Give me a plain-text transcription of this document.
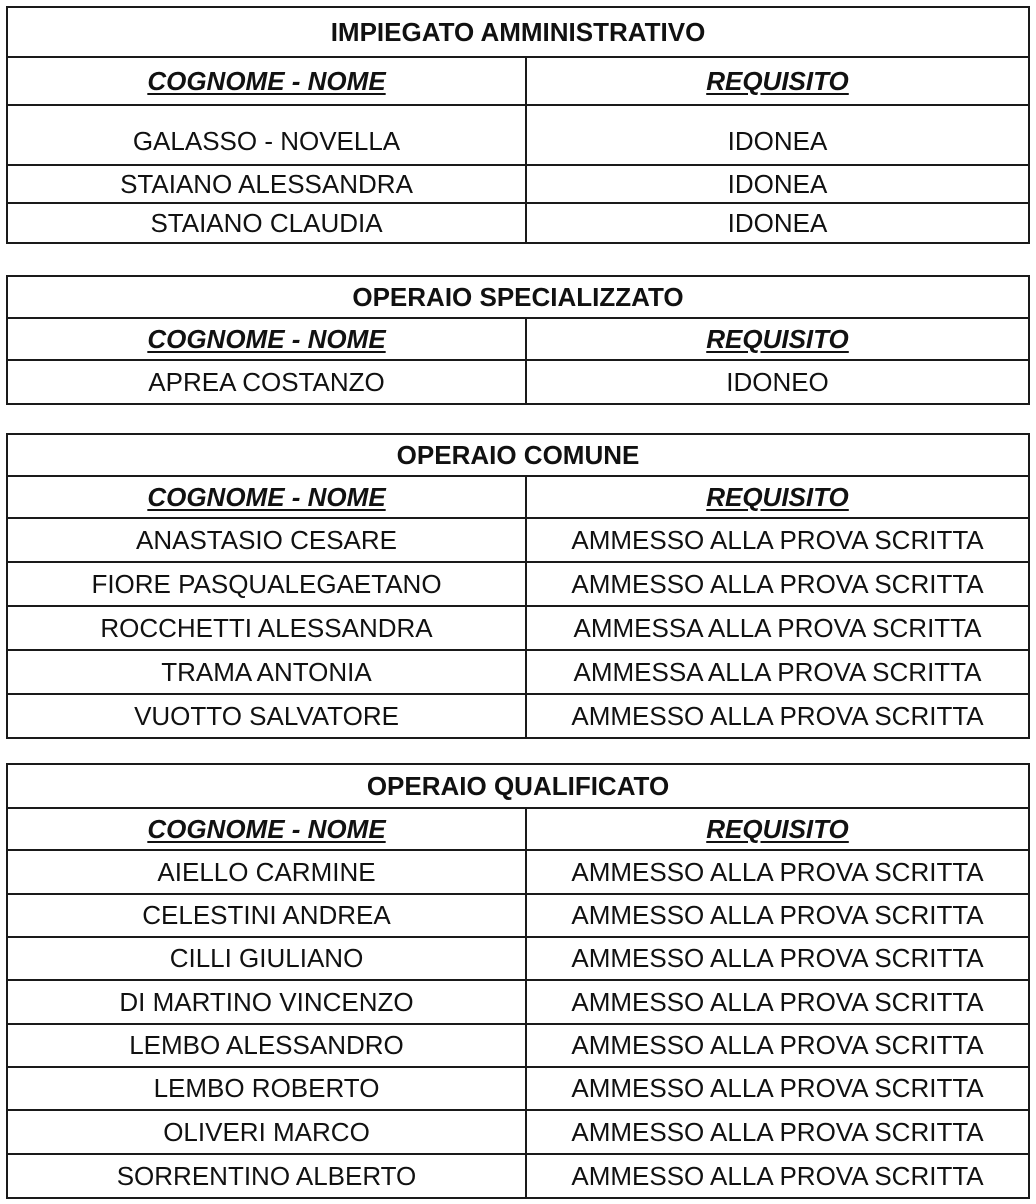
IMPIEGATO AMMINISTRATIVO	
COGNOME - NOME	REQUISITO
GALASSO - NOVELLA	IDONEA
STAIANO ALESSANDRA	IDONEA
STAIANO CLAUDIA	IDONEA
OPERAIO SPECIALIZZATO	
COGNOME - NOME	REQUISITO
APREA COSTANZO	IDONEO
OPERAIO COMUNE	
COGNOME - NOME	REQUISITO
ANASTASIO CESARE	AMMESSO ALLA PROVA SCRITTA
FIORE PASQUALEGAETANO	AMMESSO ALLA PROVA SCRITTA
ROCCHETTI ALESSANDRA	AMMESSA ALLA PROVA SCRITTA
TRAMA ANTONIA	AMMESSA ALLA PROVA SCRITTA
VUOTTO SALVATORE	AMMESSO ALLA PROVA SCRITTA
OPERAIO QUALIFICATO	
COGNOME - NOME	REQUISITO
AIELLO CARMINE	AMMESSO ALLA PROVA SCRITTA
CELESTINI ANDREA	AMMESSO ALLA PROVA SCRITTA
CILLI GIULIANO	AMMESSO ALLA PROVA SCRITTA
DI MARTINO VINCENZO	AMMESSO ALLA PROVA SCRITTA
LEMBO ALESSANDRO	AMMESSO ALLA PROVA SCRITTA
LEMBO ROBERTO	AMMESSO ALLA PROVA SCRITTA
OLIVERI MARCO	AMMESSO ALLA PROVA SCRITTA
SORRENTINO ALBERTO	AMMESSO ALLA PROVA SCRITTA
